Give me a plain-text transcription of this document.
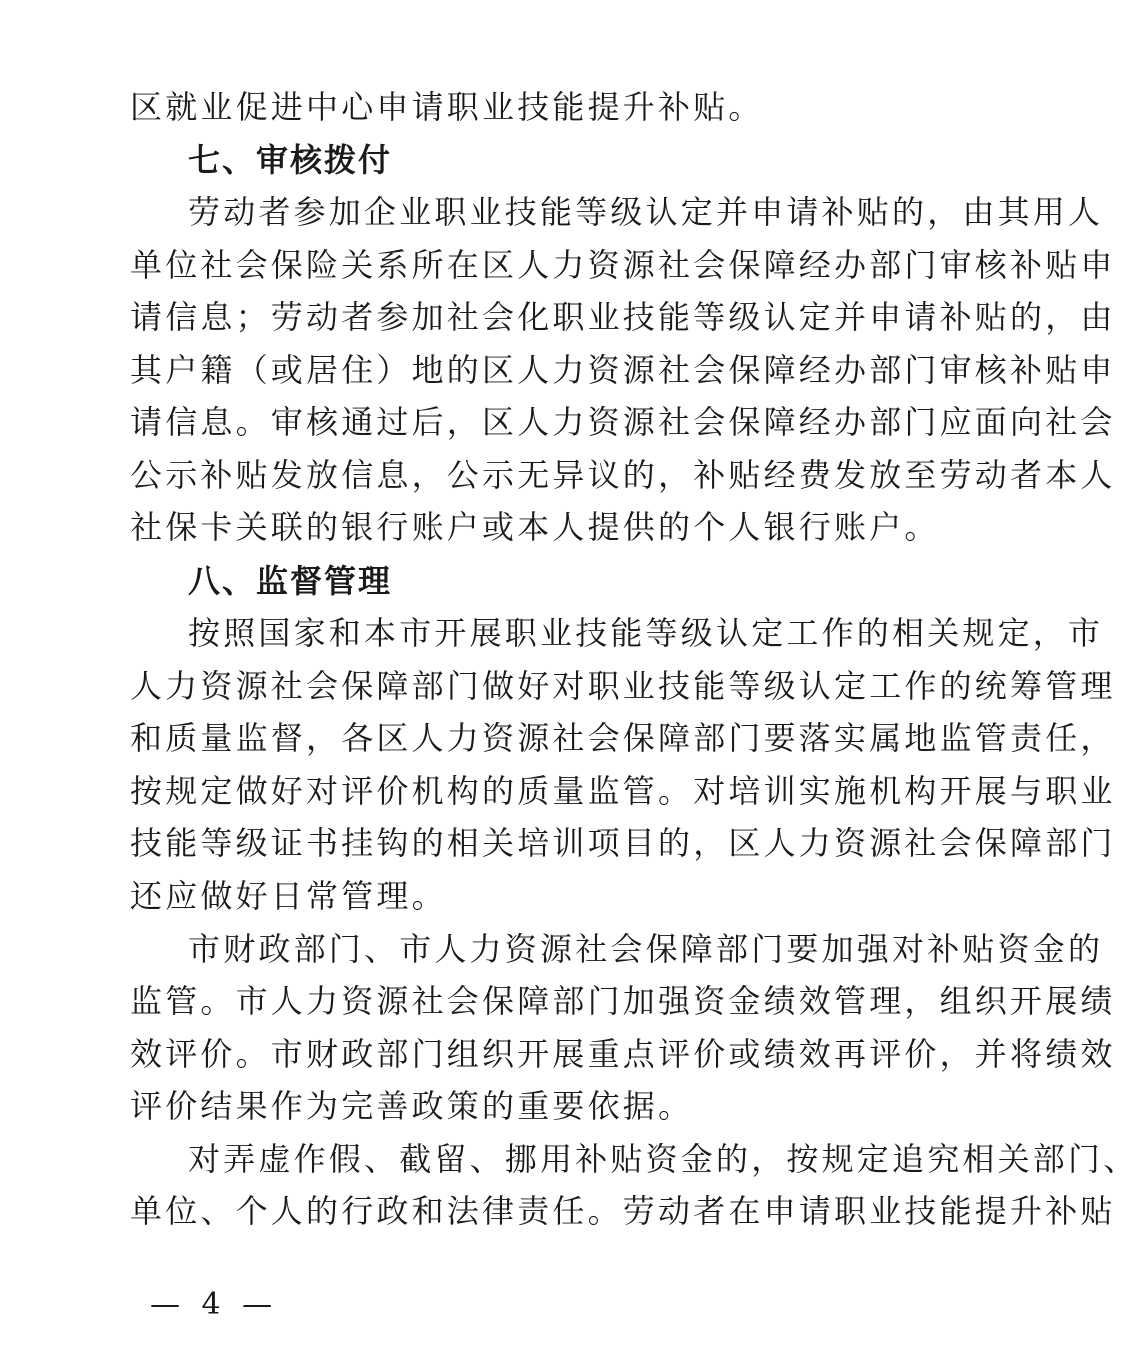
区就业促进中心申请职业技能提升补贴。
七、审核拨付
劳动者参加企业职业技能等级认定并申请补贴的，由其用人
单位社会保险关系所在区人力资源社会保障经办部门审核补贴申
请信息；劳动者参加社会化职业技能等级认定并申请补贴的，由
其户籍（或居住）地的区人力资源社会保障经办部门审核补贴申
请信息。审核通过后，区人力资源社会保障经办部门应面向社会
公示补贴发放信息，公示无异议的，补贴经费发放至劳动者本人
社保卡关联的银行账户或本人提供的个人银行账户。
八、监督管理
按照国家和本市开展职业技能等级认定工作的相关规定，市
人力资源社会保障部门做好对职业技能等级认定工作的统筹管理
和质量监督，各区人力资源社会保障部门要落实属地监管责任，
按规定做好对评价机构的质量监管。对培训实施机构开展与职业
技能等级证书挂钩的相关培训项目的，区人力资源社会保障部门
还应做好日常管理。
市财政部门、市人力资源社会保障部门要加强对补贴资金的
监管。市人力资源社会保障部门加强资金绩效管理，组织开展绩
效评价。市财政部门组织开展重点评价或绩效再评价，并将绩效
评价结果作为完善政策的重要依据。
对弄虚作假、截留、挪用补贴资金的，按规定追究相关部门、
单位、个人的行政和法律责任。劳动者在申请职业技能提升补贴
— 4 —
